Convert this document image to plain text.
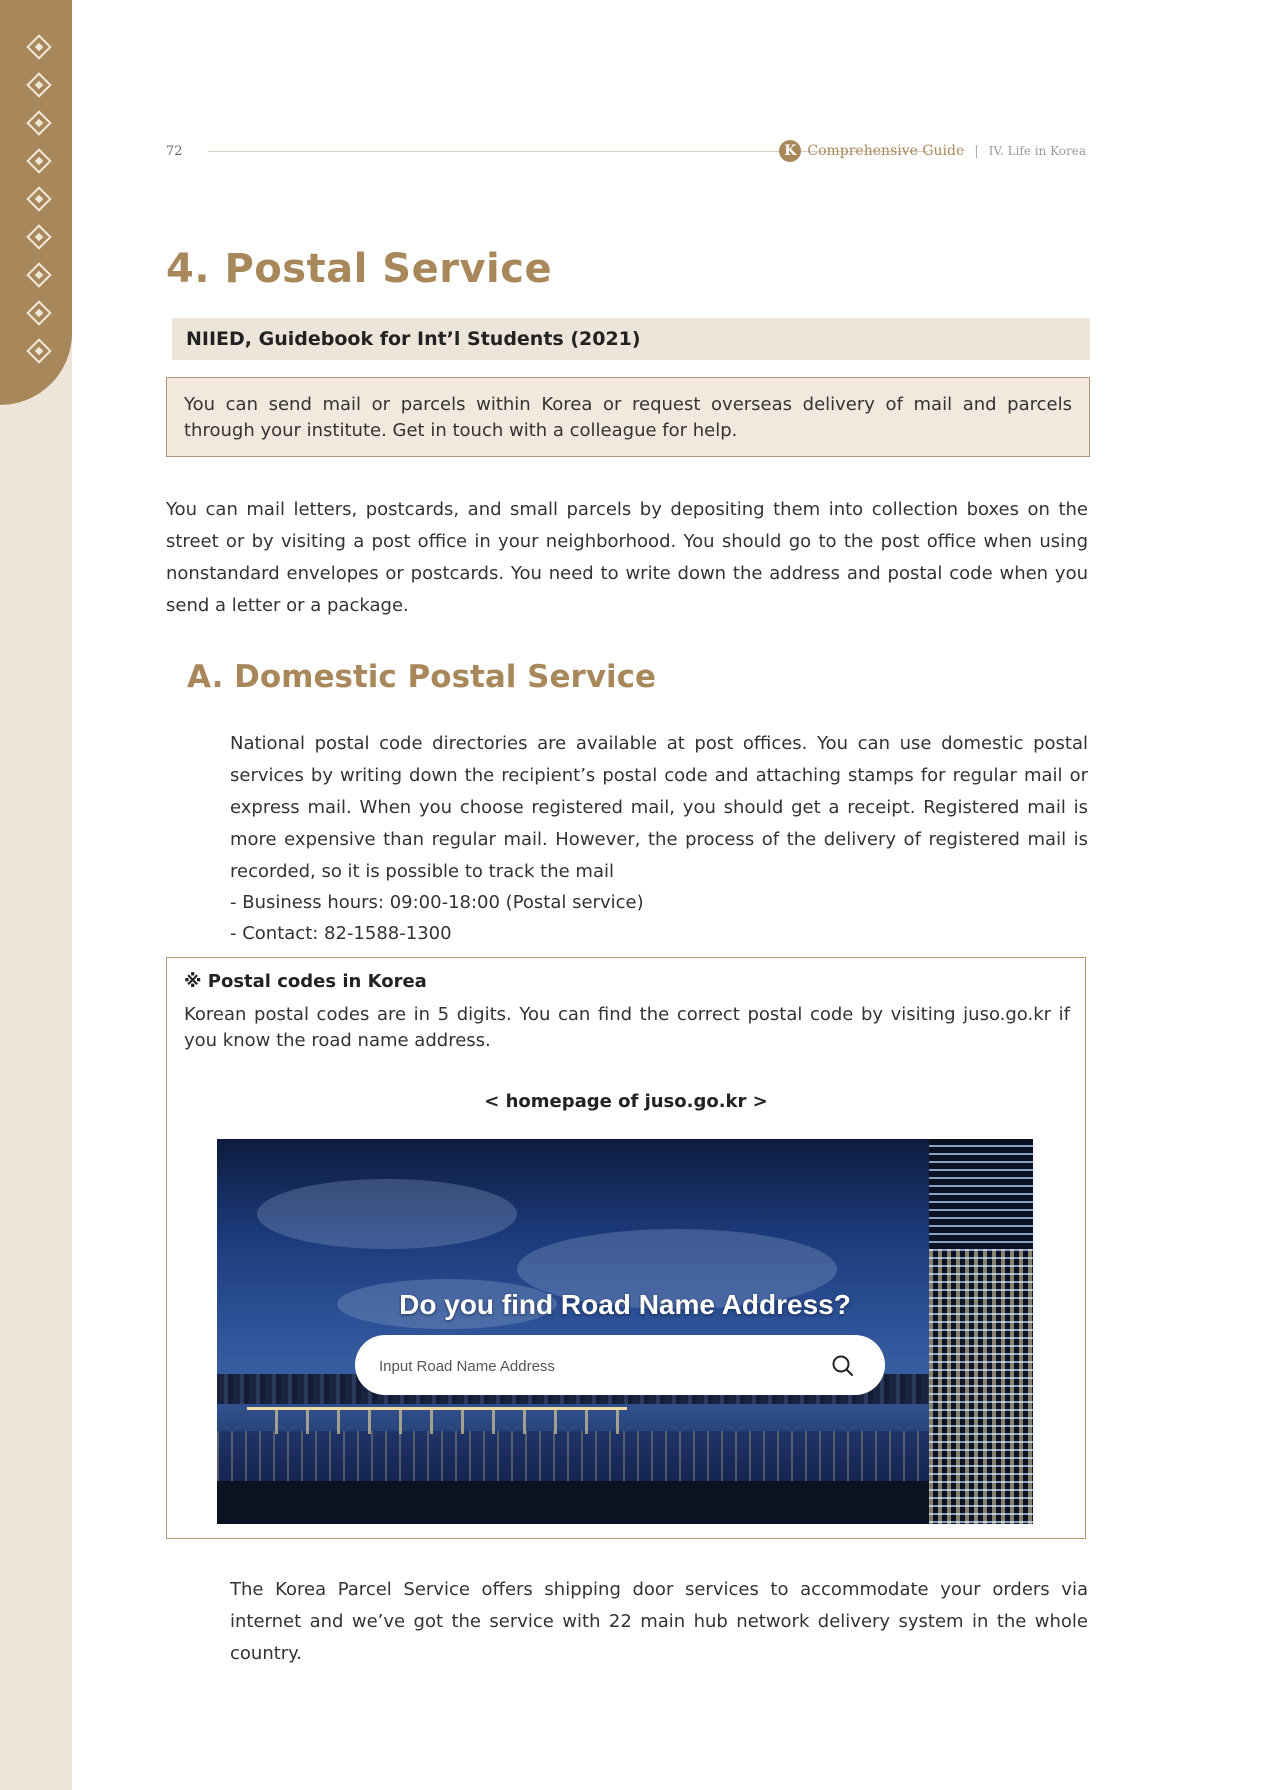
72	K Comprehensive Guide | IV. Life in Korea
4. Postal Service
NIIED, Guidebook for Int’l Students (2021)
You can send mail or parcels within Korea or request overseas delivery of mail and parcels through your institute. Get in touch with a colleague for help.
You can mail letters, postcards, and small parcels by depositing them into collection boxes on the street or by visiting a post office in your neighborhood. You should go to the post office when using nonstandard envelopes or postcards. You need to write down the address and postal code when you send a letter or a package.
A. Domestic Postal Service
National postal code directories are available at post offices. You can use domestic postal services by writing down the recipient’s postal code and attaching stamps for regular mail or express mail. When you choose registered mail, you should get a receipt. Registered mail is more expensive than regular mail. However, the process of the delivery of registered mail is recorded, so it is possible to track the mail
- Business hours: 09:00-18:00 (Postal service)
- Contact: 82-1588-1300
※ Postal codes in Korea
Korean postal codes are in 5 digits. You can find the correct postal code by visiting juso.go.kr if you know the road name address.
< homepage of juso.go.kr >
Do you find Road Name Address?
Input Road Name Address
The Korea Parcel Service offers shipping door services to accommodate your orders via internet and we’ve got the service with 22 main hub network delivery system in the whole country.
